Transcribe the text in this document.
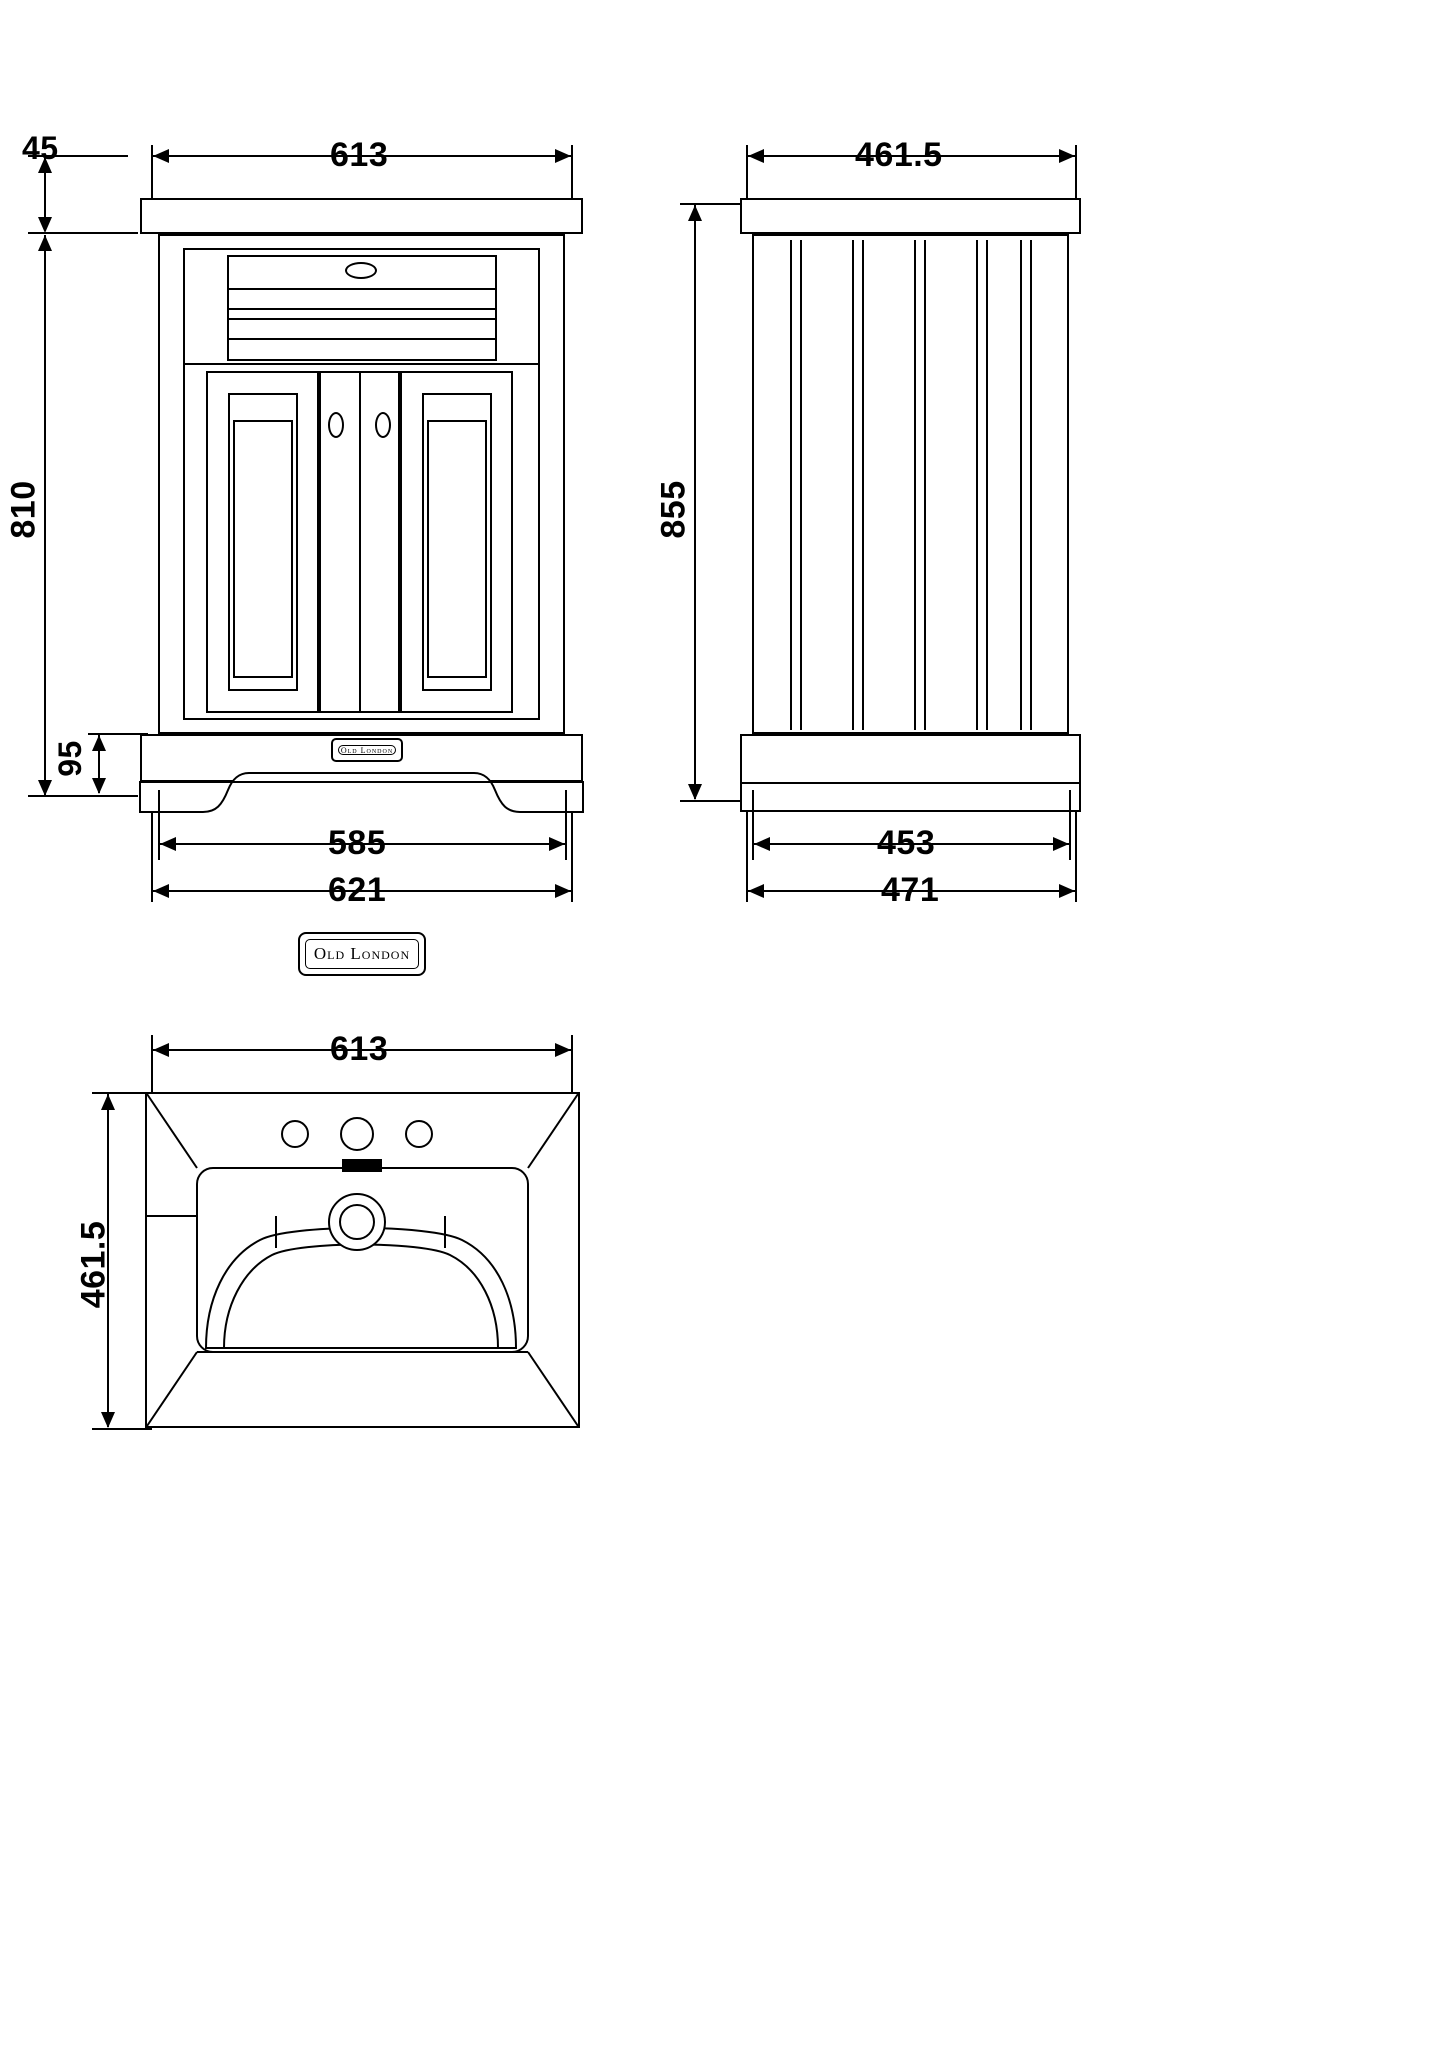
613
45
810
95	Old London
585
621
461.5
855
453
471
Old London
613
461.5
